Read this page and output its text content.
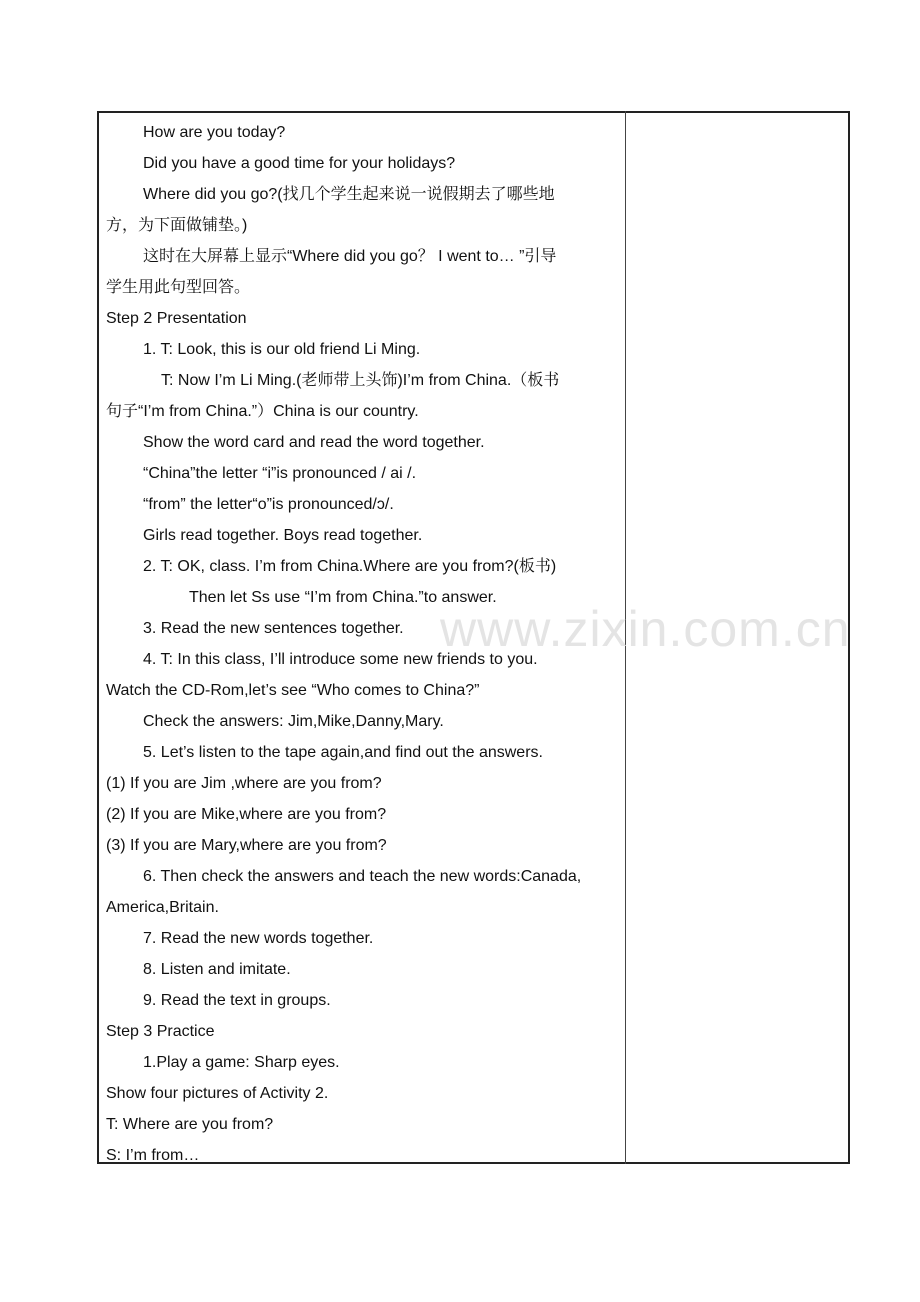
How are you today?
Did you have a good time for your holidays?
Where did you go?(找几个学生起来说一说假期去了哪些地
方，为下面做铺垫。)
这时在大屏幕上显示“Where did you go？ I went to… ”引导
学生用此句型回答。
Step 2 Presentation
1. T: Look, this is our old friend Li Ming.
T: Now I’m Li Ming.(老师带上头饰)I’m from China.（板书
句子“I’m from China.”）China is our country.
Show the word card and read the word together.
“China”the letter “i”is pronounced / ai /.
“from” the letter“o”is pronounced/ɔ/.
Girls read together. Boys read together.
2. T: OK, class. I’m from China.Where are you from?(板书)
Then let Ss use “I’m from China.”to answer.
3. Read the new sentences together.
4. T: In this class, I’ll introduce some new friends to you.
Watch the CD-Rom,let’s see “Who comes to China?”
Check the answers: Jim,Mike,Danny,Mary.
5. Let’s listen to the tape again,and find out the answers.
(1) If you are Jim ,where are you from?
(2) If you are Mike,where are you from?
(3) If you are Mary,where are you from?
6. Then check the answers and teach the new words:Canada,
America,Britain.
7. Read the new words together.
8. Listen and imitate.
9. Read the text in groups.
Step 3 Practice
1.Play a game: Sharp eyes.
Show four pictures of Activity 2.
T: Where are you from?
S: I’m from…
www.zixin.com.cn
